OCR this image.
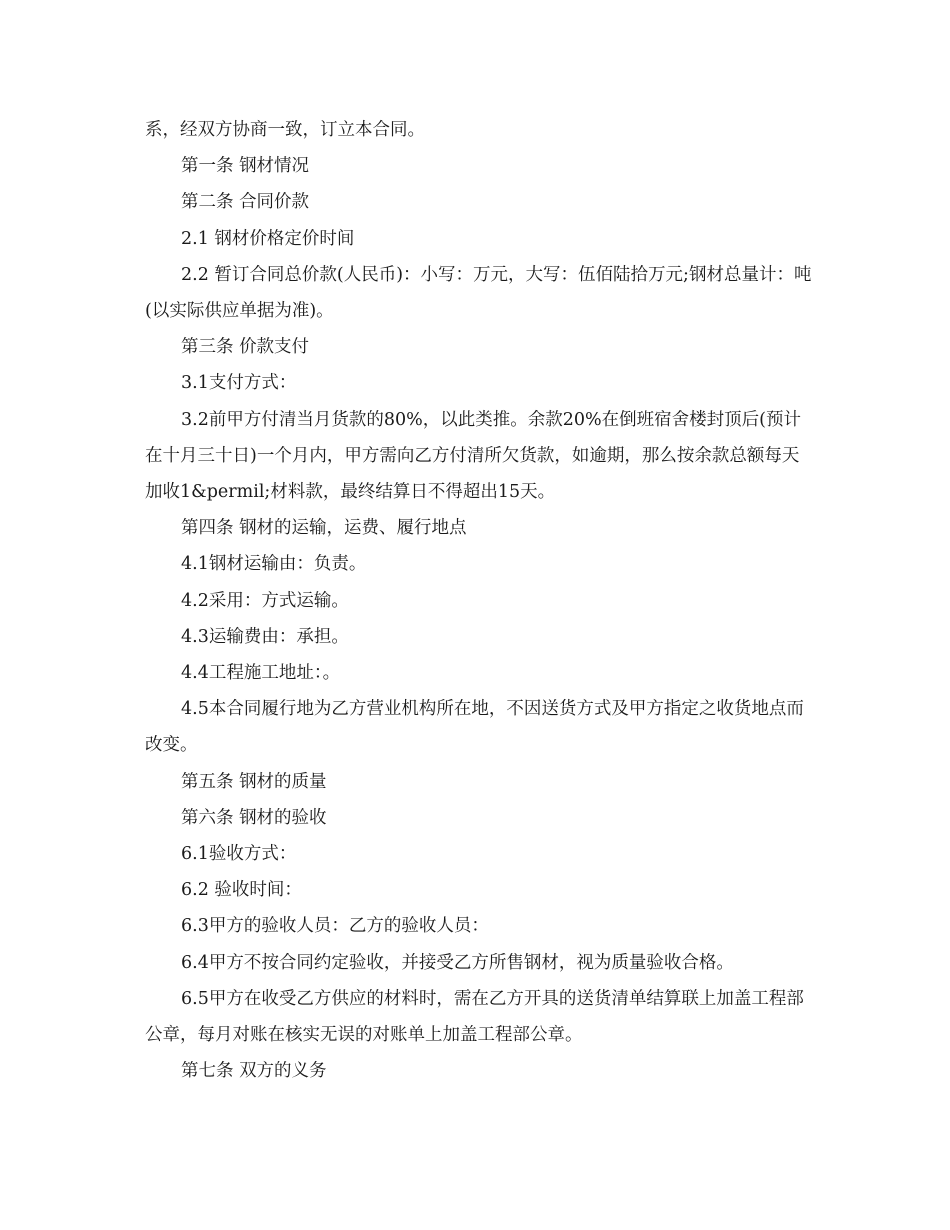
系，经双方协商一致，订立本合同。

第一条 钢材情况

第二条 合同价款

2.1 钢材价格定价时间

2.2 暂订合同总价款(人民币)：小写：万元，大写：伍佰陆拾万元;钢材总量计：吨(以实际供应单据为准)。

第三条 价款支付

3.1支付方式：

3.2前甲方付清当月货款的80%，以此类推。余款20%在倒班宿舍楼封顶后(预计在十月三十日)一个月内，甲方需向乙方付清所欠货款，如逾期，那么按余款总额每天加收1&permil;材料款，最终结算日不得超出15天。

第四条 钢材的运输，运费、履行地点

4.1钢材运输由：负责。

4.2采用：方式运输。

4.3运输费由：承担。

4.4工程施工地址：。

4.5本合同履行地为乙方营业机构所在地，不因送货方式及甲方指定之收货地点而改变。

第五条 钢材的质量

第六条 钢材的验收

6.1验收方式：

6.2 验收时间：

6.3甲方的验收人员：乙方的验收人员：

6.4甲方不按合同约定验收，并接受乙方所售钢材，视为质量验收合格。

6.5甲方在收受乙方供应的材料时，需在乙方开具的送货清单结算联上加盖工程部公章，每月对账在核实无误的对账单上加盖工程部公章。

第七条 双方的义务
